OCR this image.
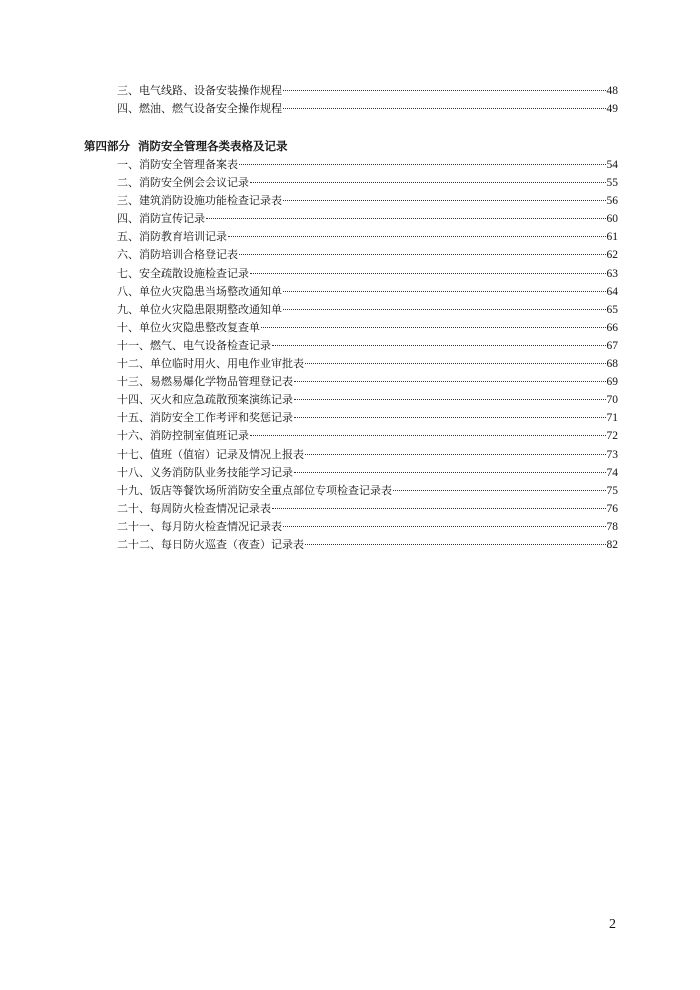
三、电气线路、设备安装操作规程	48
四、燃油、燃气设备安全操作规程	49
第四部分 消防安全管理各类表格及记录
一、消防安全管理备案表	54
二、消防安全例会会议记录	55
三、建筑消防设施功能检查记录表	56
四、消防宣传记录	60
五、消防教育培训记录	61
六、消防培训合格登记表	62
七、安全疏散设施检查记录	63
八、单位火灾隐患当场整改通知单	64
九、单位火灾隐患限期整改通知单	65
十、单位火灾隐患整改复查单	66
十一、燃气、电气设备检查记录	67
十二、单位临时用火、用电作业审批表	68
十三、易燃易爆化学物品管理登记表	69
十四、灭火和应急疏散预案演练记录	70
十五、消防安全工作考评和奖惩记录	71
十六、消防控制室值班记录	72
十七、值班（值宿）记录及情况上报表	73
十八、义务消防队业务技能学习记录	74
十九、饭店等餐饮场所消防安全重点部位专项检查记录表	75
二十、每周防火检查情况记录表	76
二十一、每月防火检查情况记录表	78
二十二、每日防火巡查（夜查）记录表	82
2
